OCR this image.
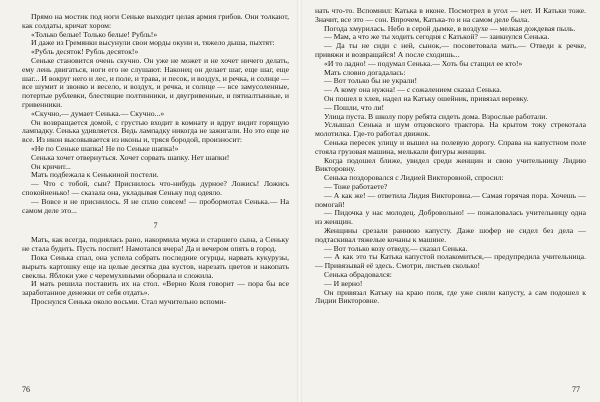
Прямо на мостик под ноги Сеньке выходит целая армия грибов. Они толкают, как солдаты, кричат хором:

«Только белые! Только белые! Рубль!»

И даже из Гремянки высунули свои морды окуни и, тяжело дыша, пыхтят:

«Рубль десяток! Рубль десяток!»

Сеньке становится очень скучно. Он уже не может и не хочет ничего делать, ему лень двигаться, ноги его не слушают. Наконец он делает шаг, еще шаг, еще шаг... И вокруг него и лес, и поле, и трава, и песок, и воздух, и речка, и солнце — все шумит и звонко и весело, и воздух, и речка, и солнце — все замусоленные, потертые рублевки, блестящие полтинники, и двугривенные, и пятиалтынные, и гривенники.

«Скучно,— думает Сенька.— Скучно...»

Он возвращается домой, с грустью входит в комнату и вдруг видит горящую лампадку. Сенька удивляется. Ведь лампадку никогда не зажигали. Но это еще не все. Из икон высовывается из иконы и, тряся бородой, произносит:

«Не по Сенькe шапка! Не по Сеньке шапка!»

Сенька хочет отвернуться. Хочет сорвать шапку. Нет шапки!

Он кричит...

Мать подбежала к Сенькиной постели.

— Что с тобой, сын? Приснилось что-нибудь дурное? Ложись! Ложись спокойненько! — сказала она, укладывая Сеньку под одеяло.

— Вовсе и не приснилось. Я не сплю совсем! — пробормотал Сенька.— На самом деле это...

7

Мать, как всегда, поднялась рано, накормила мужа и старшего сына, а Сеньку не стала будить. Пусть поспит! Намотался вчера! Да и вечером опять в город.

Пока Сенька спал, она успела собрать последние огурцы, нарвать кукурузы, вырыть картошку еще на целые десятка два кустов, нарезать цветов и накопать свеклы. Яблоки уже с черемухиными оборвала и сложила.

И мать решила поставить их на стол. «Верно Коля говорит — пора бы все заработанное денежки от себя отдать».

Проснулся Сенька около восьми. Стал мучительно вспоми-

нать что-то. Вспомнил: Катька в иконе. Посмотрел в угол — нет. И Катьки тоже. Значит, все это — сон. Впрочем, Катька-то и на самом деле была.

Погода хмурилась. Небо в серой дымке, в воздухе — мелкая дождевая пыль.

— Мам, а что же ты ходить сегодня с Катькой? — заикнулся Сенька.

— Да ты не сиди с ней, сынок,— посоветовала мать.— Отведи к речке, привяжи и возвращайся! А после сходишь...

«И то ладно! — подумал Сенька.— Хоть бы стащил ее кто!»

Мать словно догадалась:

— Вот только бы не украли!

— А кому она нужна! — с сожалением сказал Сенька.

Он пошел в хлев, надел на Катьку ошейник, привязал веревку.

— Пошли, что ли!

Улица пуста. В школу пору ребята сидеть дома. Взрослые работали.

Услышал Сенька и шум отцовского трактора. На крытом току стрекотала молотилка. Где-то работал движок.

Сенька пересек улицу и вышел на полевую дорогу. Справа на капустном поле стояла грузовая машина, мелькали фигуры женщин.

Когда подошел ближе, увидел среди женщин и свою учительницу Лидию Викторовну.

Сенька поздоровался с Лидией Викторовной, спросил:

— Тоже работаете?

— А как же! — ответила Лидия Викторовна.— Самая горячая пора. Хочешь — помогай!

— Пидочка у нас молодец. Добровольно! — пожаловалась учительницу одна из женщин.

Женщины срезали раннюю капусту. Даже шофер не сидел без дела — подтаскивал тяжелые кочаны к машине.

— Вот только козу отведу,— сказал Сенька.

— А как это ты Катька капустой полакомиться,— предупредила учительница.— Привязывай её здесь. Смотри, листьев сколько!

Сенька обрадовался:

— И верно!

Он привязал Катьку на краю поля, где уже сняли капусту, а сам подошел к Лидии Викторовне.

76	77
